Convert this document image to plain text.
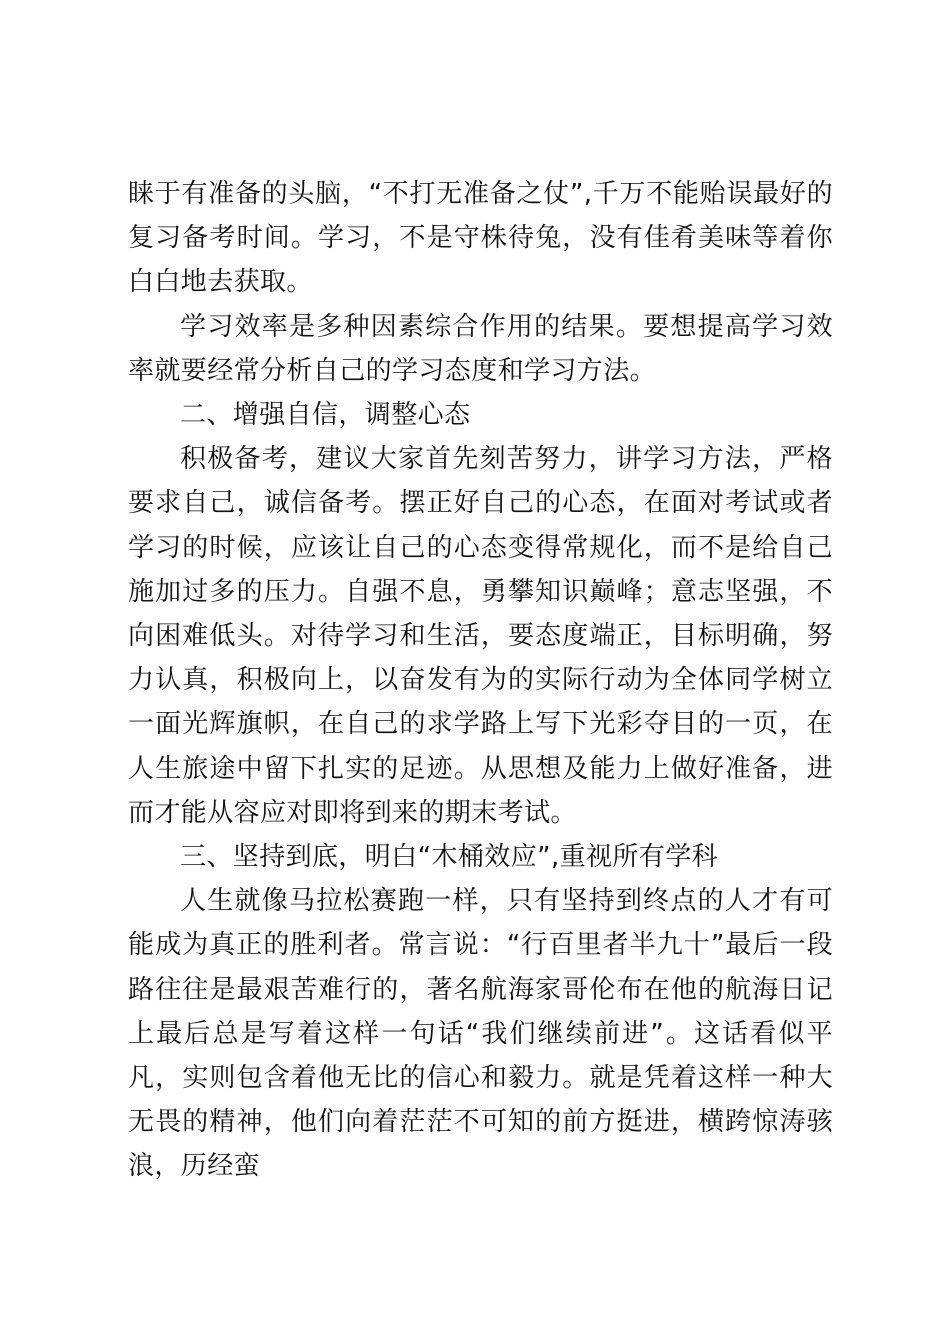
睐于有准备的头脑，“不打无准备之仗”,千万不能贻误最好的复习备考时间。学习，不是守株待兔，没有佳肴美味等着你白白地去获取。

学习效率是多种因素综合作用的结果。要想提高学习效率就要经常分析自己的学习态度和学习方法。

二、增强自信，调整心态

积极备考，建议大家首先刻苦努力，讲学习方法，严格要求自己，诚信备考。摆正好自己的心态，在面对考试或者学习的时候，应该让自己的心态变得常规化，而不是给自己施加过多的压力。自强不息，勇攀知识巅峰；意志坚强，不向困难低头。对待学习和生活，要态度端正，目标明确，努力认真，积极向上，以奋发有为的实际行动为全体同学树立一面光辉旗帜，在自己的求学路上写下光彩夺目的一页，在人生旅途中留下扎实的足迹。从思想及能力上做好准备，进而才能从容应对即将到来的期末考试。

三、坚持到底，明白“木桶效应”,重视所有学科

人生就像马拉松赛跑一样，只有坚持到终点的人才有可能成为真正的胜利者。常言说：“行百里者半九十”最后一段路往往是最艰苦难行的，著名航海家哥伦布在他的航海日记上最后总是写着这样一句话“我们继续前进”。这话看似平凡，实则包含着他无比的信心和毅力。就是凭着这样一种大无畏的精神，他们向着茫茫不可知的前方挺进，横跨惊涛骇浪，历经蛮
